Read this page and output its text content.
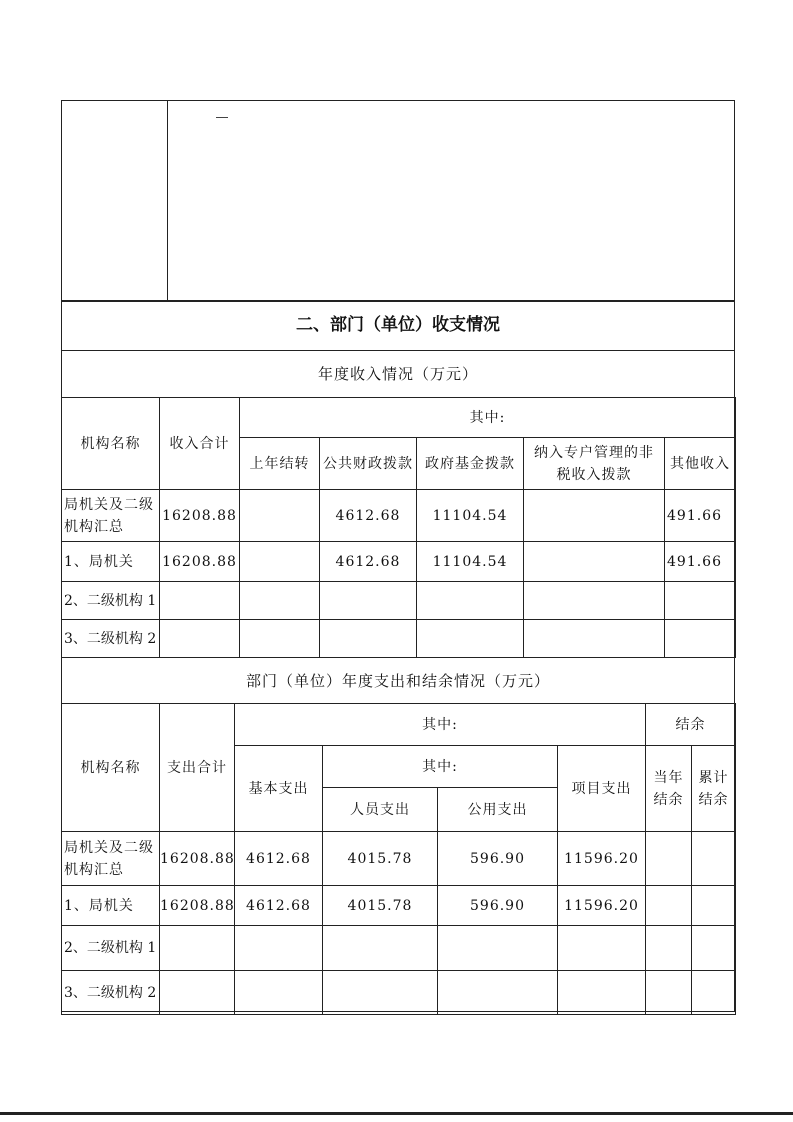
二、部门（单位）收支情况
年度收入情况（万元）
机构名称	收入合计	其中:				
		上年结转	公共财政拨款	政府基金拨款	纳入专户管理的非税收入拨款	其他收入
局机关及二级机构汇总	16208.88		4612.68	11104.54		491.66
1、局机关	16208.88		4612.68	11104.54		491.66
2、二级机构 1						
3、二级机构 2						
部门（单位）年度支出和结余情况（万元）
机构名称	支出合计	其中:				结余	
		基本支出	其中:		项目支出	当年结余	累计结余
			人员支出	公用支出			
局机关及二级机构汇总	16208.88	4612.68	4015.78	596.90	11596.20		
1、局机关	16208.88	4612.68	4015.78	596.90	11596.20		
2、二级机构 1							
3、二级机构 2							
